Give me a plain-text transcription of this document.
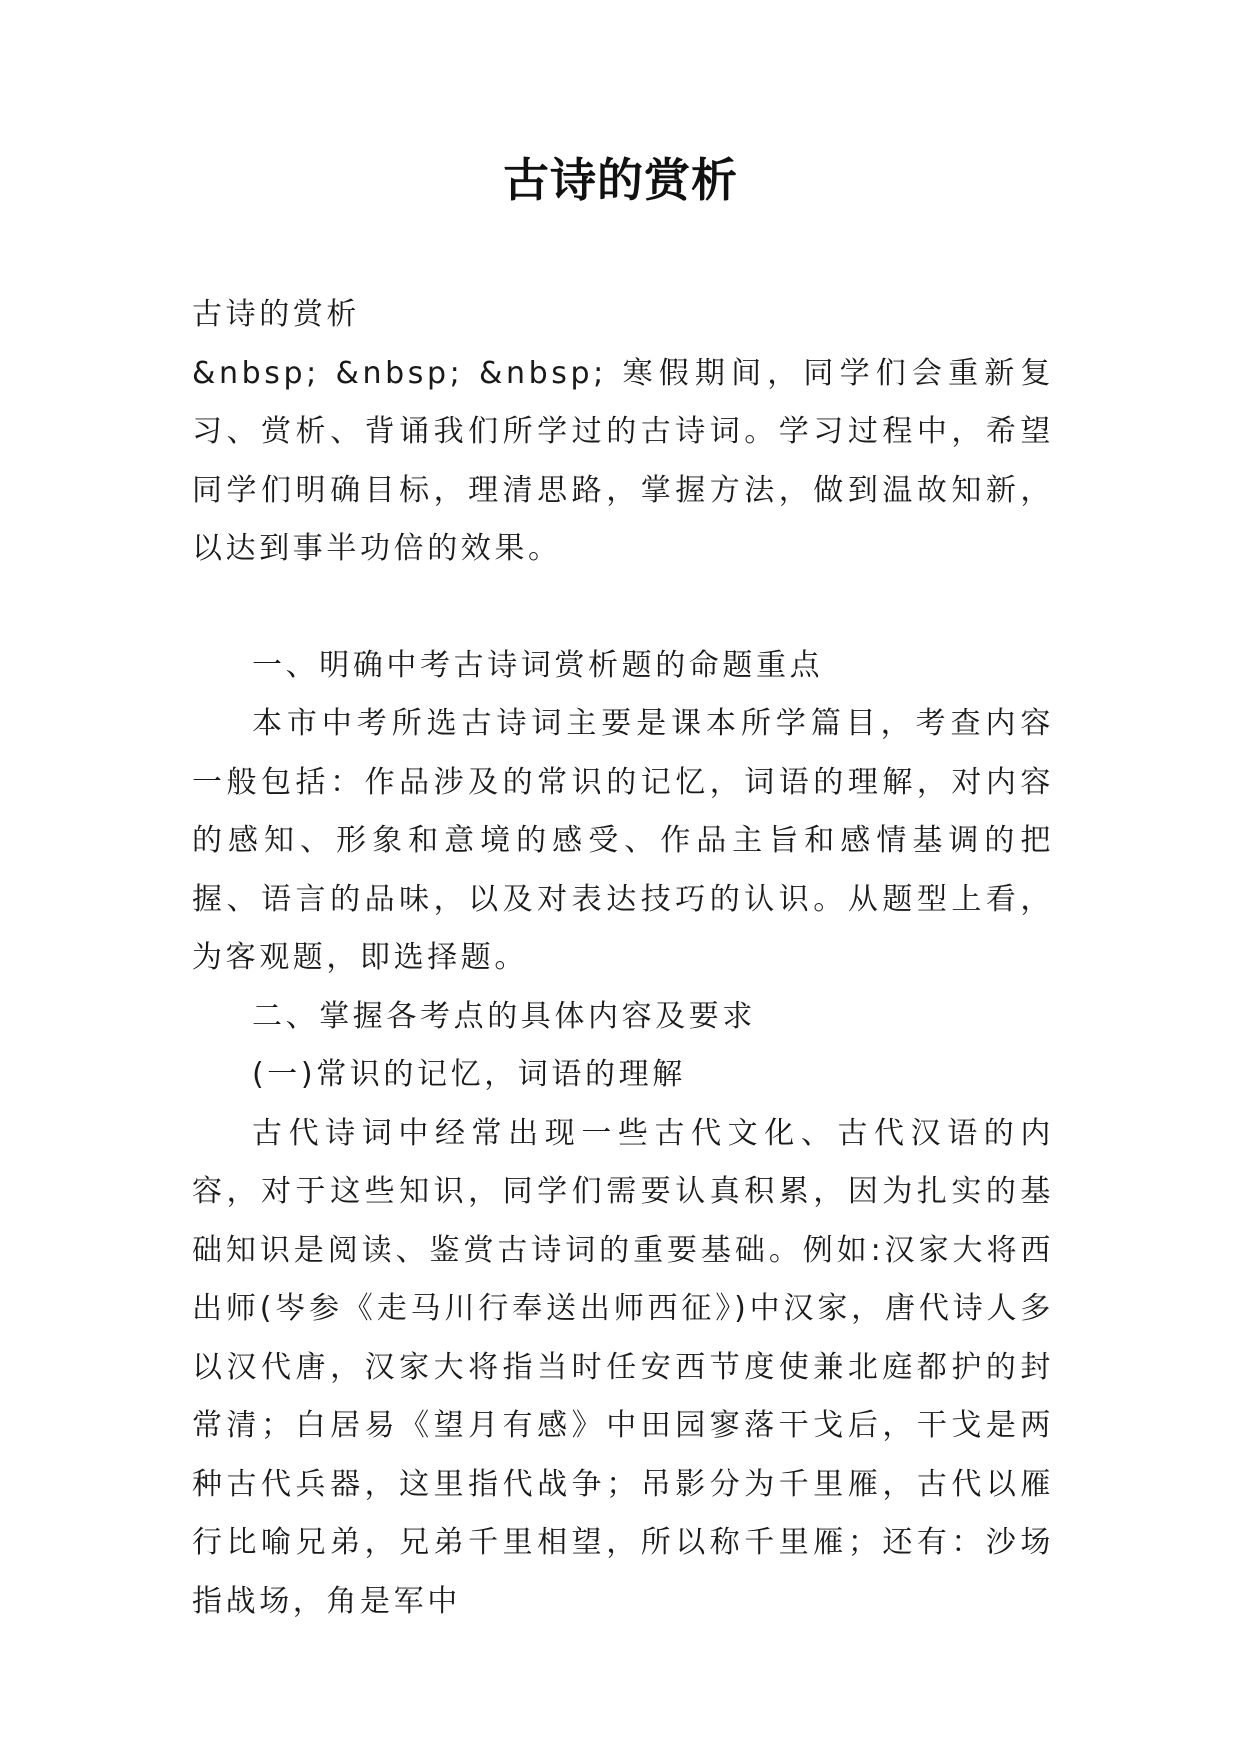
古诗的赏析

古诗的赏析

&nbsp; &nbsp; &nbsp; 寒假期间，同学们会重新复习、赏析、背诵我们所学过的古诗词。学习过程中，希望同学们明确目标，理清思路，掌握方法，做到温故知新，以达到事半功倍的效果。

一、明确中考古诗词赏析题的命题重点

本市中考所选古诗词主要是课本所学篇目，考查内容一般包括：作品涉及的常识的记忆，词语的理解，对内容的感知、形象和意境的感受、作品主旨和感情基调的把握、语言的品味，以及对表达技巧的认识。从题型上看，为客观题，即选择题。

二、掌握各考点的具体内容及要求

(一)常识的记忆，词语的理解

古代诗词中经常出现一些古代文化、古代汉语的内容，对于这些知识，同学们需要认真积累，因为扎实的基础知识是阅读、鉴赏古诗词的重要基础。例如:汉家大将西出师(岑参《走马川行奉送出师西征》)中汉家，唐代诗人多以汉代唐，汉家大将指当时任安西节度使兼北庭都护的封常清；白居易《望月有感》中田园寥落干戈后，干戈是两种古代兵器，这里指代战争；吊影分为千里雁，古代以雁行比喻兄弟，兄弟千里相望，所以称千里雁；还有：沙场指战场，角是军中
